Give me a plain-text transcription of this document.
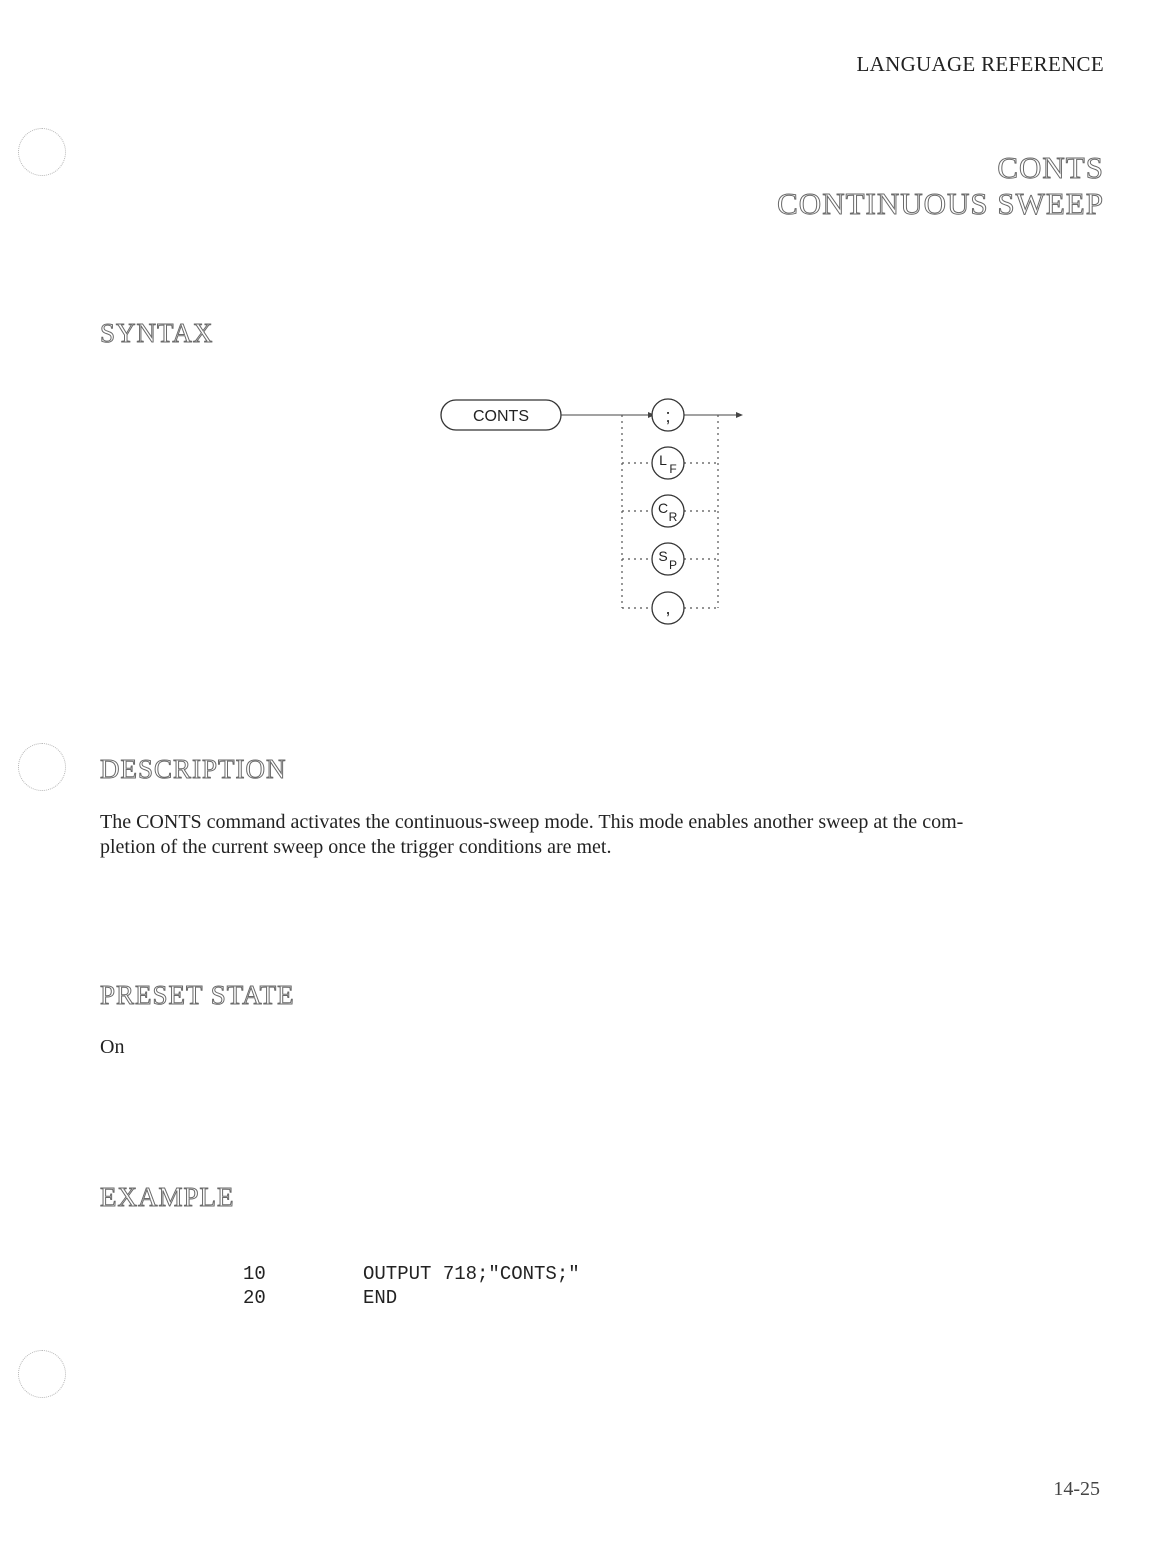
LANGUAGE REFERENCE
CONTS
CONTINUOUS SWEEP
SYNTAX
CONTS	;
L
F
C
R
S
P
,
DESCRIPTION
The CONTS command activates the continuous-sweep mode. This mode enables another sweep at the com-
pletion of the current sweep once the trigger conditions are met.
PRESET STATE
On
EXAMPLE
10	OUTPUT 718;"CONTS;"
20	END
14-25
